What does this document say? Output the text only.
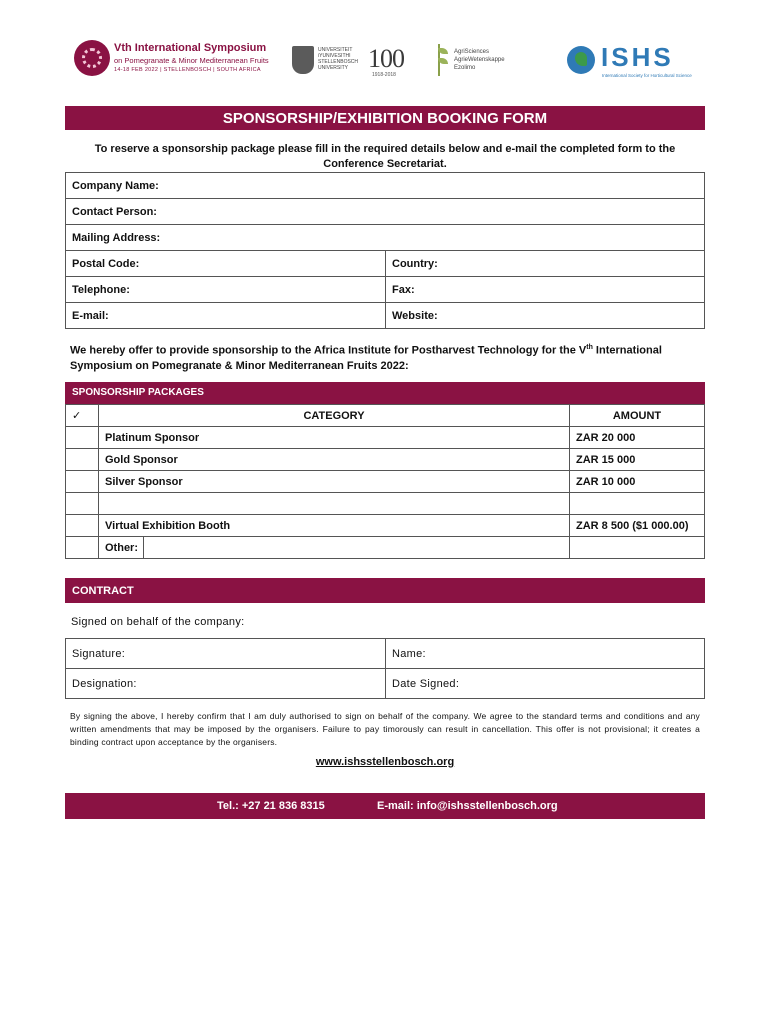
Vth International Symposium
on Pomegranate & Minor Mediterranean Fruits
14-18 FEB 2022 | STELLENBOSCH | SOUTH AFRICA
UNIVERSITEIT
iYUNIVESITHI
STELLENBOSCH
UNIVERSITY 100
1918-2018
AgriSciences
AgrieWetenskappe
Ezolimo	ISHS
International Society for Horticultural Science
SPONSORSHIP/EXHIBITION BOOKING FORM
To reserve a sponsorship package please fill in the required details below and e-mail the completed form to the Conference Secretariat.
Company Name:	
Contact Person:	
Mailing Address:	
Postal Code:	Country:
Telephone:	Fax:
E-mail:	Website:
We hereby offer to provide sponsorship to the Africa Institute for Postharvest Technology for the Vth International Symposium on Pomegranate & Minor Mediterranean Fruits 2022:
SPONSORSHIP PACKAGES
✓	CATEGORY		AMOUNT
	Platinum Sponsor		ZAR 20 000
	Gold Sponsor		ZAR 15 000
	Silver Sponsor		ZAR 10 000

	Virtual Exhibition Booth		ZAR 8 500 ($1 000.00)
	Other:		
CONTRACT
Signed on behalf of the company:
Signature:	Name:
Designation:	Date Signed:
By signing the above, I hereby confirm that I am duly authorised to sign on behalf of the company. We agree to the standard terms and conditions and any written amendments that may be imposed by the organisers. Failure to pay timorously can result in cancellation. This offer is not provisional; it creates a binding contract upon acceptance by the organisers.
www.ishsstellenbosch.org
Tel.: +27 21 836 8315	E-mail: info@ishsstellenbosch.org
